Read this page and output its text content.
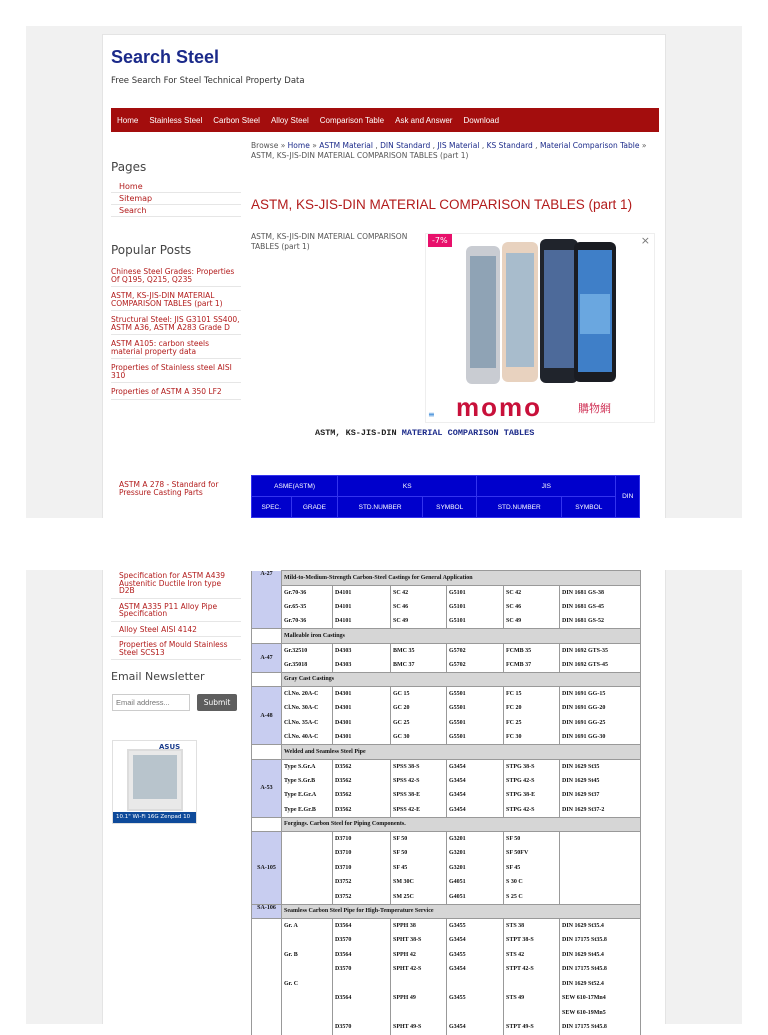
Search Steel
Free Search For Steel Technical Property Data
Home Stainless Steel Carbon Steel Alloy Steel Comparison Table Ask and Answer Download
Pages
Home
Sitemap
Search
Popular Posts
Chinese Steel Grades: Properties Of Q195, Q215, Q235
ASTM, KS-JIS-DIN MATERIAL COMPARISON TABLES (part 1)
Structural Steel: JIS G3101 SS400, ASTM A36, ASTM A283 Grade D
ASTM A105: carbon steels material property data
Properties of Stainless steel AISI 310
Properties of ASTM A 350 LF2
ASTM A 278 - Standard for Pressure Casting Parts
Browse » Home » ASTM Material , DIN Standard , JIS Material , KS Standard , Material Comparison Table » ASTM, KS-JIS-DIN MATERIAL COMPARISON TABLES (part 1)
ASTM, KS-JIS-DIN MATERIAL COMPARISON TABLES (part 1)
ASTM, KS-JIS-DIN MATERIAL COMPARISON TABLES (part 1)
-7%	×
momo	購物網
≡
ASTM, KS-JIS-DIN MATERIAL COMPARISON TABLES
ASME(ASTM)		KS		JIS		DIN
SPEC.	GRADE	STD.NUMBER	SYMBOL	STD.NUMBER	SYMBOL	
Specification for ASTM A439 Austenitic Ductile Iron type D2B
ASTM A335 P11 Alloy Pipe Specification
Alloy Steel AISI 4142
Properties of Mould Stainless Steel SCS13
Email Newsletter
Email address...
Submit
ASUS
10.1" Wi-Fi 16G Zenpad 10
A-27	Mild-to-Medium-Strength Carbon-Steel Castings for General Application					
	Gr.70-36	D4101	SC 42	G5101	SC 42	DIN 1681 GS-38
	Gr.65-35	D4101	SC 46	G5101	SC 46	DIN 1681 GS-45
	Gr.70-36	D4101	SC 49	G5101	SC 49	DIN 1681 GS-52
	Malleable iron Castings					
A-47	Gr.32510	D4303	BMC 35	G5702	FCMB 35	DIN 1692 GTS-35
	Gr.35018	D4303	BMC 37	G5702	FCMB 37	DIN 1692 GTS-45
	Gray Cast Castings					
A-48	Cl.No. 20A-C	D4301	GC 15	G5501	FC 15	DIN 1691 GG-15
	Cl.No. 30A-C	D4301	GC 20	G5501	FC 20	DIN 1691 GG-20
	Cl.No. 35A-C	D4301	GC 25	G5501	FC 25	DIN 1691 GG-25
	Cl.No. 40A-C	D4301	GC 30	G5501	FC 30	DIN 1691 GG-30
	Welded and Seamless Steel Pipe					
A-53	Type S.Gr.A	D3562	SPSS 38-S	G3454	STPG 38-S	DIN 1629 St35
	Type S.Gr.B	D3562	SPSS 42-S	G3454	STPG 42-S	DIN 1629 St45
	Type E.Gr.A	D3562	SPSS 38-E	G3454	STPG 38-E	DIN 1629 St37
	Type E.Gr.B	D3562	SPSS 42-E	G3454	STPG 42-S	DIN 1629 St37-2
	Forgings. Carbon Steel for Piping Components.					
SA-105		D3710	SF 50	G3201	SF 50	
		D3710	SF 50	G3201	SF 50FV	
		D3710	SF 45	G3201	SF 45	
		D3752	SM 30C	G4051	S 30 C	
		D3752	SM 25C	G4051	S 25 C	
SA-106	Seamless Carbon Steel Pipe for High-Temperature Service					
	Gr. A	D3564	SPPH 38	G3455	STS 38	DIN 1629 St35.4
		D3570	SPHT 38-S	G3454	STPT 38-S	DIN 17175 St35.8
	Gr. B	D3564	SPPH 42	G3455	STS 42	DIN 1629 St45.4
		D3570	SPHT 42-S	G3454	STPT 42-S	DIN 17175 St45.8
	Gr. C					DIN 1629 St52.4
		D3564	SPPH 49	G3455	STS 49	SEW 610-17Mn4
						SEW 610-19Mn5
		D3570	SPHT 49-S	G3454	STPT 49-S	DIN 17175 St45.8
